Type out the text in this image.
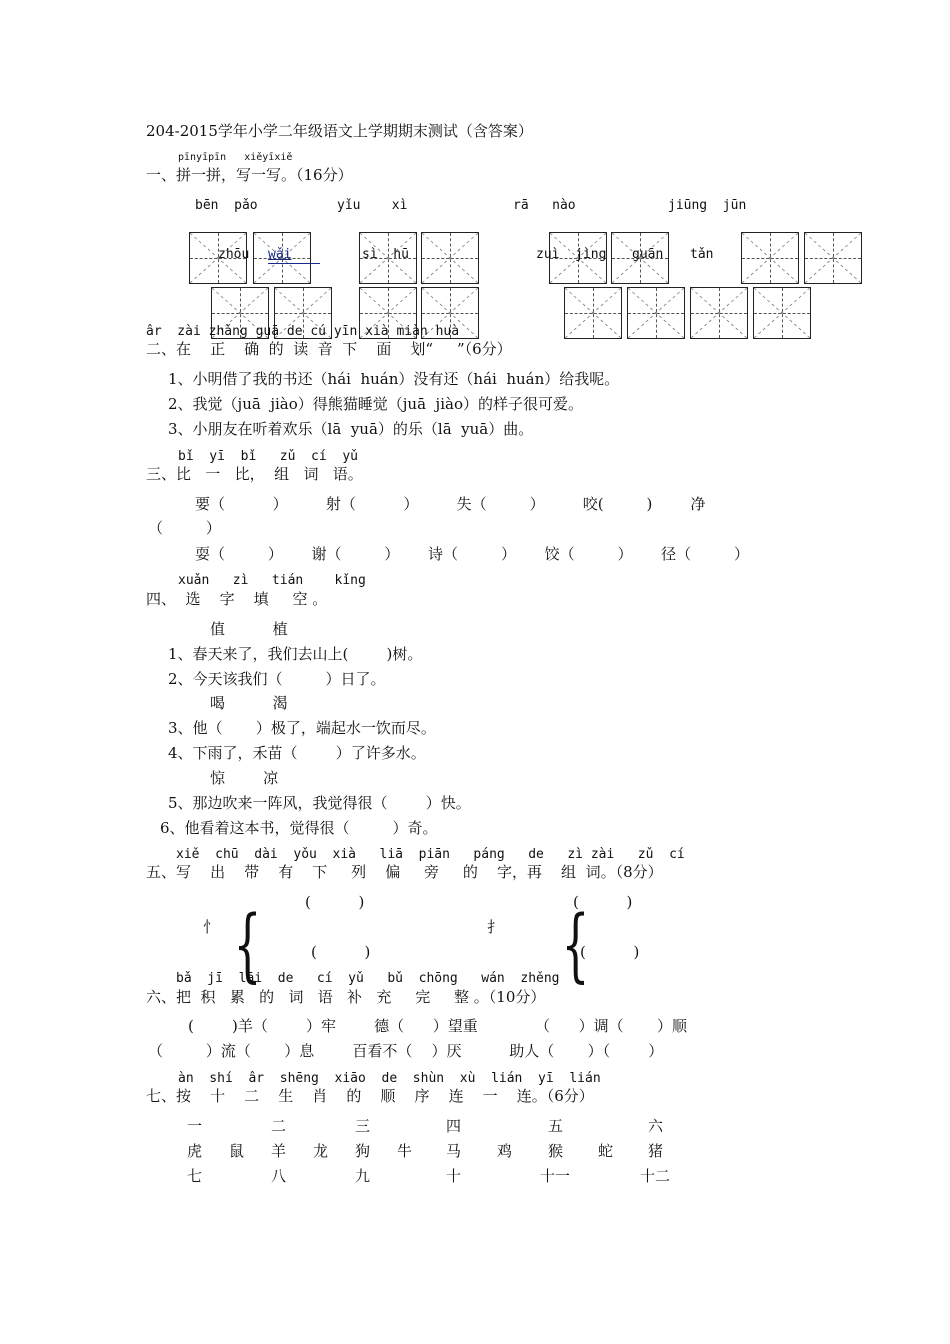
204-2015学年小学二年级语文上学期期末测试（含答案）
pīnyīpīn   xiěyīxiě
一、拼一拼，写一写。（16分）
bēn  pǎo	yǐu    xì	rā   nào	jiūng  jūn
zhōu wǎi	sì  hū	zuì  jìng guān tǎn
âr  zài zhǎng guā de cú yīn xià miàn huà
二、在    正    确  的  读  音  下    面    划“     ”（6分）
1、小明借了我的书还（hái  huán）没有还（hái  huán）给我呢。
2、我觉（juā  jiào）得熊猫睡觉（juā  jiào）的样子很可爱。
3、小朋友在听着欢乐（lā  yuā）的乐（lā  yuā）曲。
bǐ  yī  bǐ   zǔ  cí  yǔ
三、比   一   比，  组   词   语。
要（          ）        射（          ）        失（         ）        咬(         )        净
（         ）
耍（         ）      谢（         ）      诗（         ）      饺（         ）      径（         ）
xuǎn   zì   tián    kǐng
四、  选    字    填     空 。
值          植
1、春天来了，我们去山上(        )树。
2、今天该我们（         ）日了。
喝          渴
3、他（       ）极了，端起水一饮而尽。
4、下雨了，禾苗（        ）了许多水。
惊        凉
5、那边吹来一阵风，我觉得很（        ）快。
6、他看着这本书，觉得很（         ）奇。
xiě  chū  dài  yǒu  xià   liā  piān   páng   de   zì zài   zǔ  cí
五、写    出    带    有    下     列    偏     旁     的    字，再    组  词。（8分）
(          )	(          )
忄	扌
{	{
(          )	(          )
bǎ  jī  lāi  de   cí  yǔ   bǔ  chōng   wán  zhěng
六、把  积   累   的   词   语   补   充     完     整 。（10分）
(        )羊（        ）牢        德（      ）望重            （      ）调（       ）顺
（         ）流（       ）息        百看不（    ）厌          助人（       ）（        ）
àn  shí  âr  shēng  xiāo  de  shùn  xù  lián  yī  lián
七、按    十    二    生    肖    的    顺    序    连    一    连。（6分）
一	二	三	四	五	六
虎 鼠 羊 龙 狗 牛 马 鸡 猴 蛇 猪
七	八	九	十	十一	十二
